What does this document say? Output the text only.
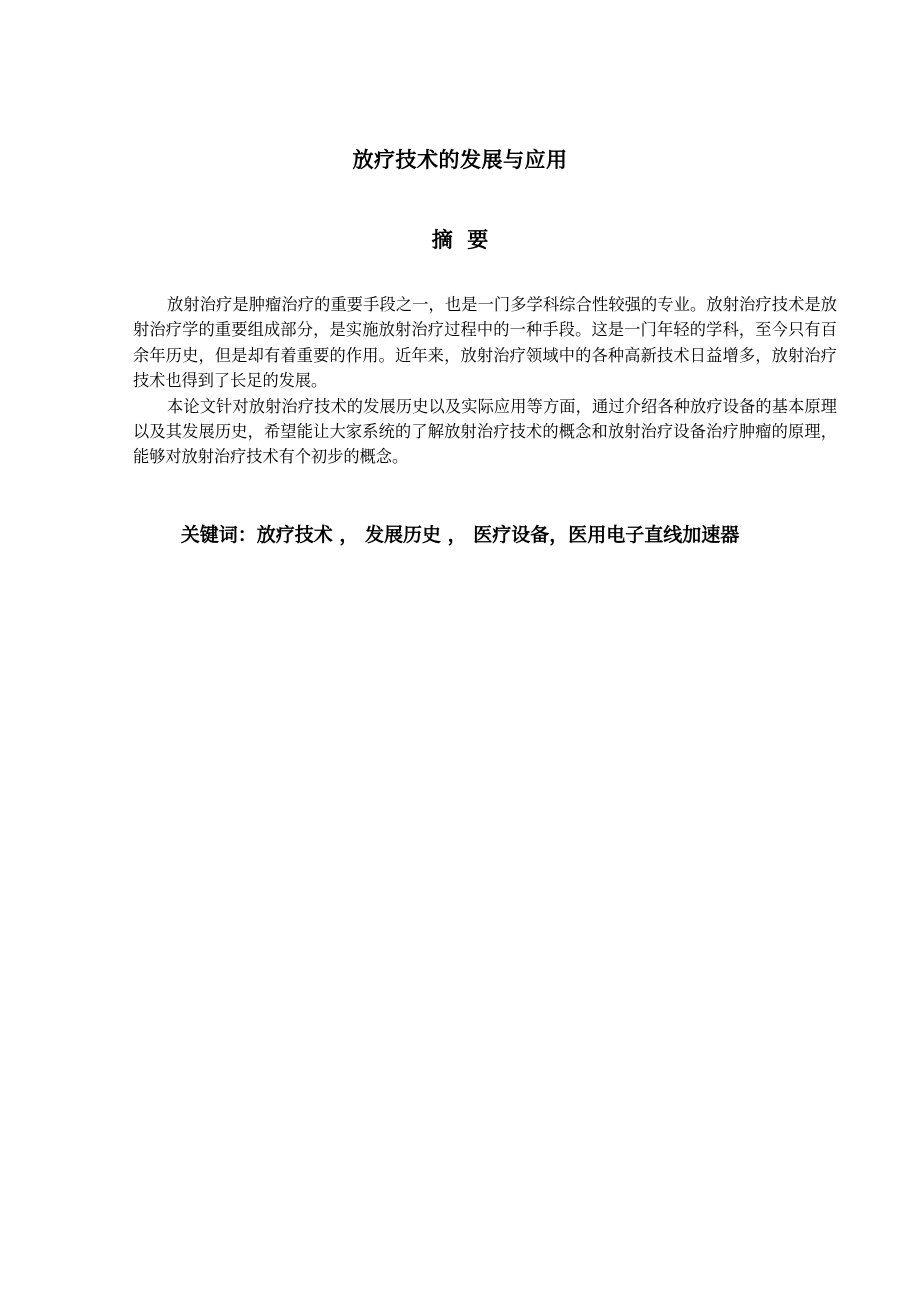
放疗技术的发展与应用
摘  要

放射治疗是肿瘤治疗的重要手段之一，也是一门多学科综合性较强的专业。放射治疗技术是放射治疗学的重要组成部分，是实施放射治疗过程中的一种手段。这是一门年轻的学科，至今只有百余年历史，但是却有着重要的作用。近年来，放射治疗领域中的各种高新技术日益增多，放射治疗技术也得到了长足的发展。

本论文针对放射治疗技术的发展历史以及实际应用等方面，通过介绍各种放疗设备的基本原理以及其发展历史，希望能让大家系统的了解放射治疗技术的概念和放射治疗设备治疗肿瘤的原理，能够对放射治疗技术有个初步的概念。

关键词：放疗技术 ， 发展历史 ， 医疗设备，医用电子直线加速器
